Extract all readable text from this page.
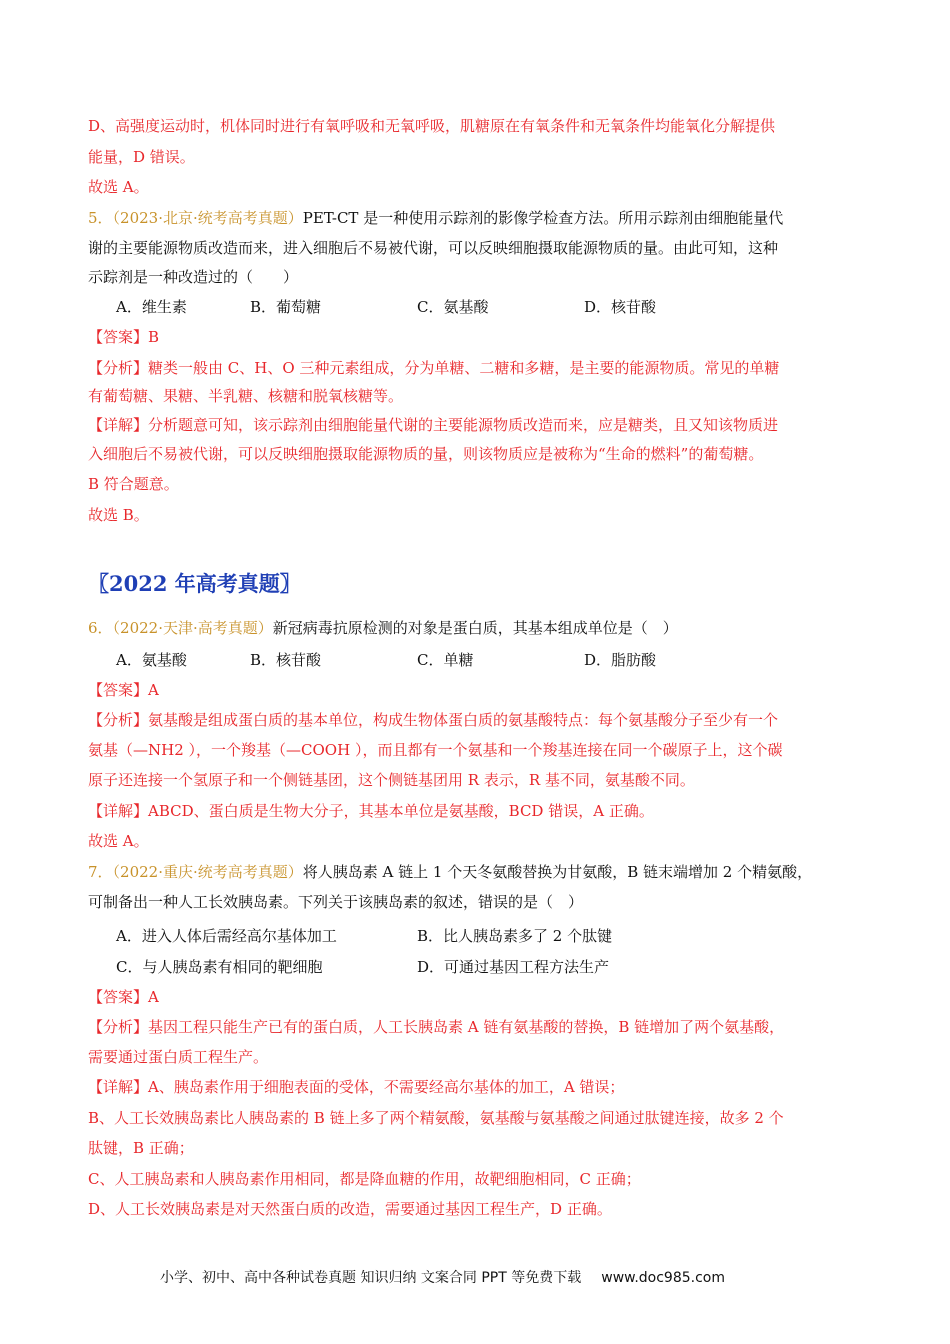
D、高强度运动时，机体同时进行有氧呼吸和无氧呼吸，肌糖原在有氧条件和无氧条件均能氧化分解提供
能量，D 错误。
故选 A。
5．（2023·北京·统考高考真题）PET-CT 是一种使用示踪剂的影像学检查方法。所用示踪剂由细胞能量代
谢的主要能源物质改造而来，进入细胞后不易被代谢，可以反映细胞摄取能源物质的量。由此可知，这种
示踪剂是一种改造过的（　　）
A．维生素	B．葡萄糖	C．氨基酸	D．核苷酸
【答案】B
【分析】糖类一般由 C、H、O 三种元素组成，分为单糖、二糖和多糖，是主要的能源物质。常见的单糖
有葡萄糖、果糖、半乳糖、核糖和脱氧核糖等。
【详解】分析题意可知，该示踪剂由细胞能量代谢的主要能源物质改造而来，应是糖类，且又知该物质进
入细胞后不易被代谢，可以反映细胞摄取能源物质的量，则该物质应是被称为“生命的燃料”的葡萄糖。
B 符合题意。
故选 B。
〖2022 年高考真题〗
6．（2022·天津·高考真题）新冠病毒抗原检测的对象是蛋白质，其基本组成单位是（　）
A．氨基酸	B．核苷酸	C．单糖	D．脂肪酸
【答案】A
【分析】氨基酸是组成蛋白质的基本单位，构成生物体蛋白质的氨基酸特点：每个氨基酸分子至少有一个
氨基（—NH2 ），一个羧基（—COOH ），而且都有一个氨基和一个羧基连接在同一个碳原子上，这个碳
原子还连接一个氢原子和一个侧链基团，这个侧链基团用 R 表示，R 基不同，氨基酸不同。
【详解】ABCD、蛋白质是生物大分子，其基本单位是氨基酸，BCD 错误，A 正确。
故选 A。
7．（2022·重庆·统考高考真题）将人胰岛素 A 链上 1 个天冬氨酸替换为甘氨酸，B 链末端增加 2 个精氨酸，
可制备出一种人工长效胰岛素。下列关于该胰岛素的叙述，错误的是（　）
A．进入人体后需经高尔基体加工	B．比人胰岛素多了 2 个肽键
C．与人胰岛素有相同的靶细胞	D．可通过基因工程方法生产
【答案】A
【分析】基因工程只能生产已有的蛋白质，人工长胰岛素 A 链有氨基酸的替换，B 链增加了两个氨基酸，
需要通过蛋白质工程生产。
【详解】A、胰岛素作用于细胞表面的受体，不需要经高尔基体的加工，A 错误；
B、人工长效胰岛素比人胰岛素的 B 链上多了两个精氨酸，氨基酸与氨基酸之间通过肽键连接，故多 2 个
肽键，B 正确；
C、人工胰岛素和人胰岛素作用相同，都是降血糖的作用，故靶细胞相同，C 正确；
D、人工长效胰岛素是对天然蛋白质的改造，需要通过基因工程生产，D 正确。
小学、初中、高中各种试卷真题 知识归纳 文案合同 PPT 等免费下载 www.doc985.com
